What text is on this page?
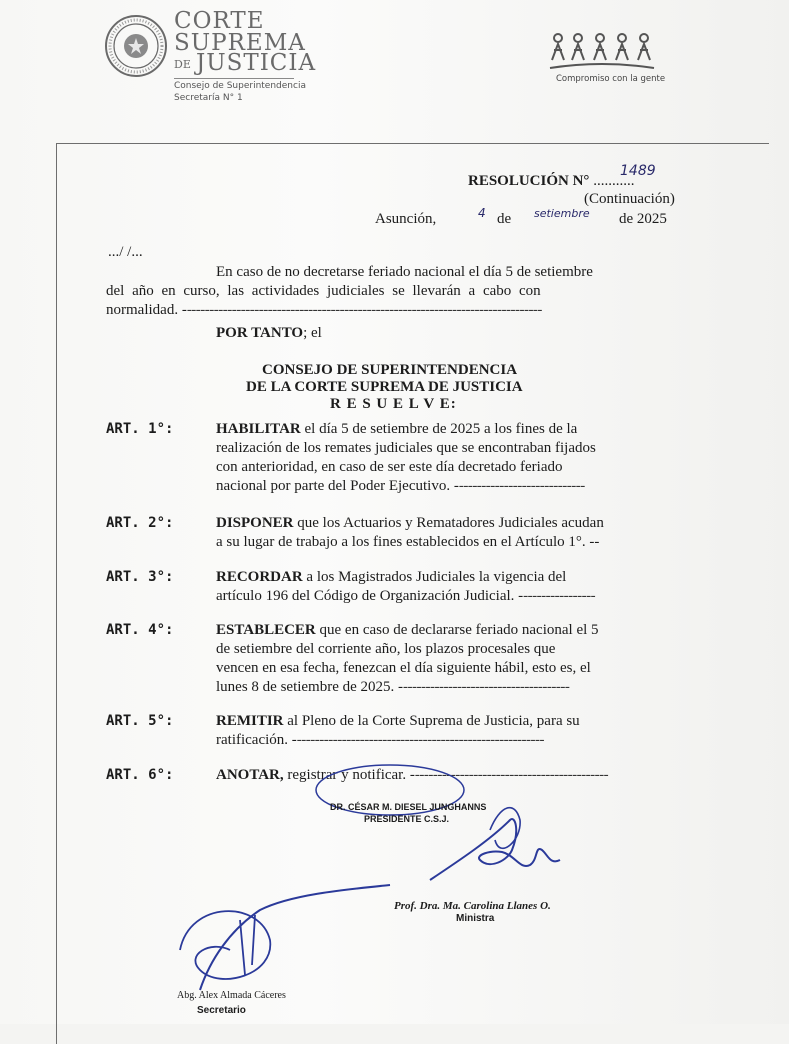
CORTE
SUPREMA
DE JUSTICIA
Consejo de Superintendencia
Secretaría N° 1
Compromiso con la gente
RESOLUCIÓN N° ...........
1489
(Continuación)
Asunción,	4 de setiembre de 2025
.../ /...
En caso de no decretarse feriado nacional el día 5 de setiembre
del año en curso, las actividades judiciales se llevarán a cabo con
normalidad. --------------------------------------------------------------------------------
POR TANTO; el
CONSEJO DE SUPERINTENDENCIA
DE LA CORTE SUPREMA DE JUSTICIA
R E S U E L V E:
ART. 1°:	HABILITAR el día 5 de setiembre de 2025 a los fines de la
realización de los remates judiciales que se encontraban fijados
con anterioridad, en caso de ser este día decretado feriado
nacional por parte del Poder Ejecutivo. -----------------------------
ART. 2°:	DISPONER que los Actuarios y Rematadores Judiciales acudan
a su lugar de trabajo a los fines establecidos en el Artículo 1°. --
ART. 3°:	RECORDAR a los Magistrados Judiciales la vigencia del
artículo 196 del Código de Organización Judicial. -----------------
ART. 4°:	ESTABLECER que en caso de declararse feriado nacional el 5
de setiembre del corriente año, los plazos procesales que
vencen en esa fecha, fenezcan el día siguiente hábil, esto es, el
lunes 8 de setiembre de 2025. --------------------------------------
ART. 5°:	REMITIR al Pleno de la Corte Suprema de Justicia, para su
ratificación. --------------------------------------------------------
ART. 6°:	ANOTAR, registrar y notificar. --------------------------------------------
DR. CÉSAR M. DIESEL JUNGHANNS
PRESIDENTE C.S.J.
Prof. Dra. Ma. Carolina Llanes O.
Ministra
Abg. Alex Almada Cáceres
Secretario
